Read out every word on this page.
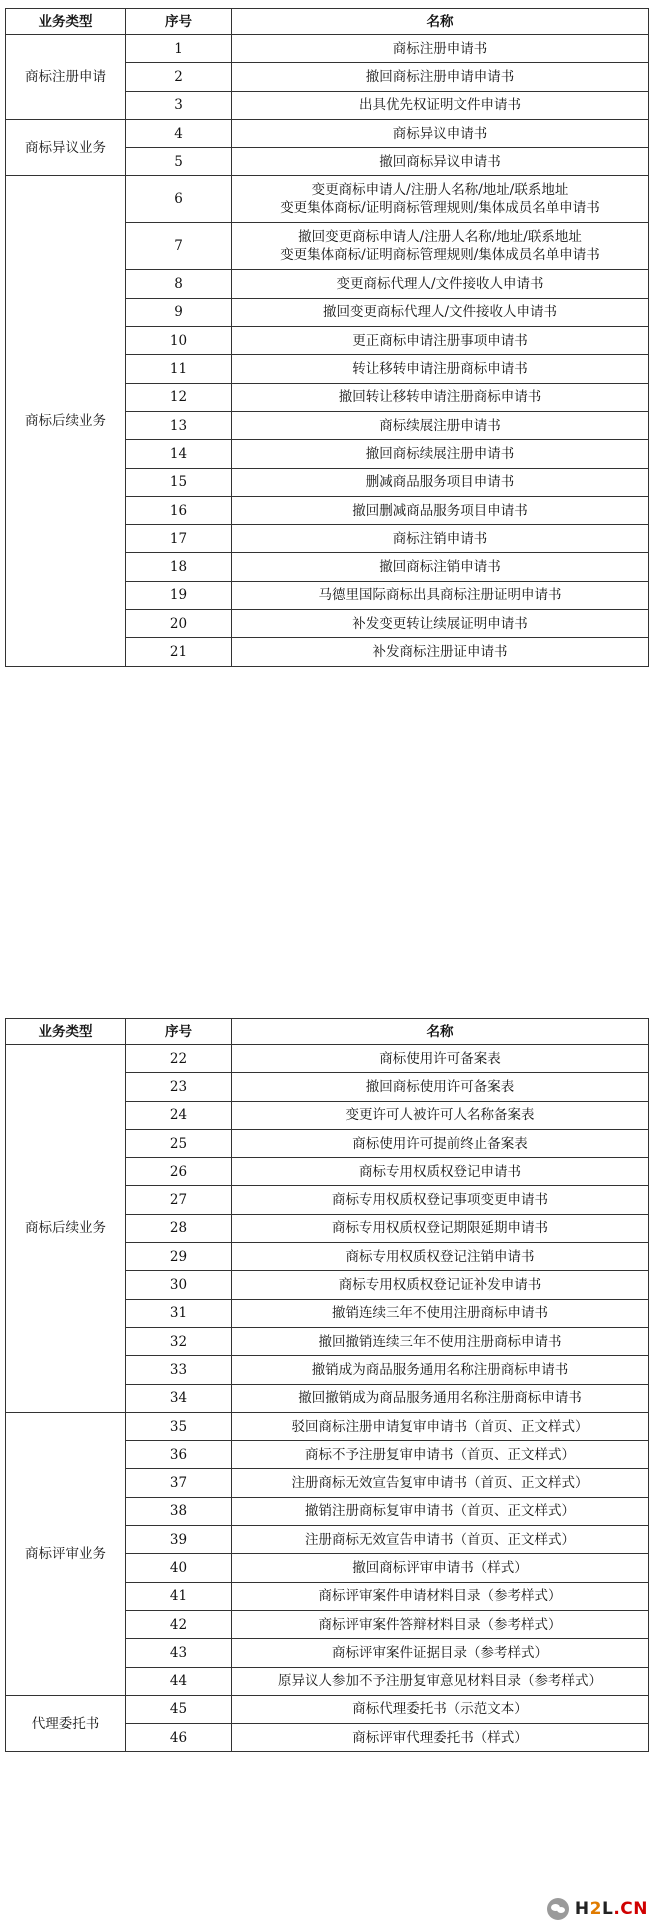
业务类型	序号	名称
商标注册申请	1	商标注册申请书
	2	撤回商标注册申请申请书
	3	出具优先权证明文件申请书
商标异议业务	4	商标异议申请书
	5	撤回商标异议申请书
商标后续业务	6	变更商标申请人/注册人名称/地址/联系地址
变更集体商标/证明商标管理规则/集体成员名单申请书

	7	撤回变更商标申请人/注册人名称/地址/联系地址
变更集体商标/证明商标管理规则/集体成员名单申请书

	8	变更商标代理人/文件接收人申请书
	9	撤回变更商标代理人/文件接收人申请书
	10	更正商标申请注册事项申请书
	11	转让移转申请注册商标申请书
	12	撤回转让移转申请注册商标申请书
	13	商标续展注册申请书
	14	撤回商标续展注册申请书
	15	删减商品服务项目申请书
	16	撤回删减商品服务项目申请书
	17	商标注销申请书
	18	撤回商标注销申请书
	19	马德里国际商标出具商标注册证明申请书
	20	补发变更转让续展证明申请书
	21	补发商标注册证申请书
业务类型	序号	名称
商标后续业务	22	商标使用许可备案表
	23	撤回商标使用许可备案表
	24	变更许可人被许可人名称备案表
	25	商标使用许可提前终止备案表
	26	商标专用权质权登记申请书
	27	商标专用权质权登记事项变更申请书
	28	商标专用权质权登记期限延期申请书
	29	商标专用权质权登记注销申请书
	30	商标专用权质权登记证补发申请书
	31	撤销连续三年不使用注册商标申请书
	32	撤回撤销连续三年不使用注册商标申请书
	33	撤销成为商品服务通用名称注册商标申请书
	34	撤回撤销成为商品服务通用名称注册商标申请书
商标评审业务	35	驳回商标注册申请复审申请书（首页、正文样式）
	36	商标不予注册复审申请书（首页、正文样式）
	37	注册商标无效宣告复审申请书（首页、正文样式）
	38	撤销注册商标复审申请书（首页、正文样式）
	39	注册商标无效宣告申请书（首页、正文样式）
	40	撤回商标评审申请书（样式）
	41	商标评审案件申请材料目录（参考样式）
	42	商标评审案件答辩材料目录（参考样式）
	43	商标评审案件证据目录（参考样式）
	44	原异议人参加不予注册复审意见材料目录（参考样式）
代理委托书	45	商标代理委托书（示范文本）
	46	商标评审代理委托书（样式）
H2L.CN
